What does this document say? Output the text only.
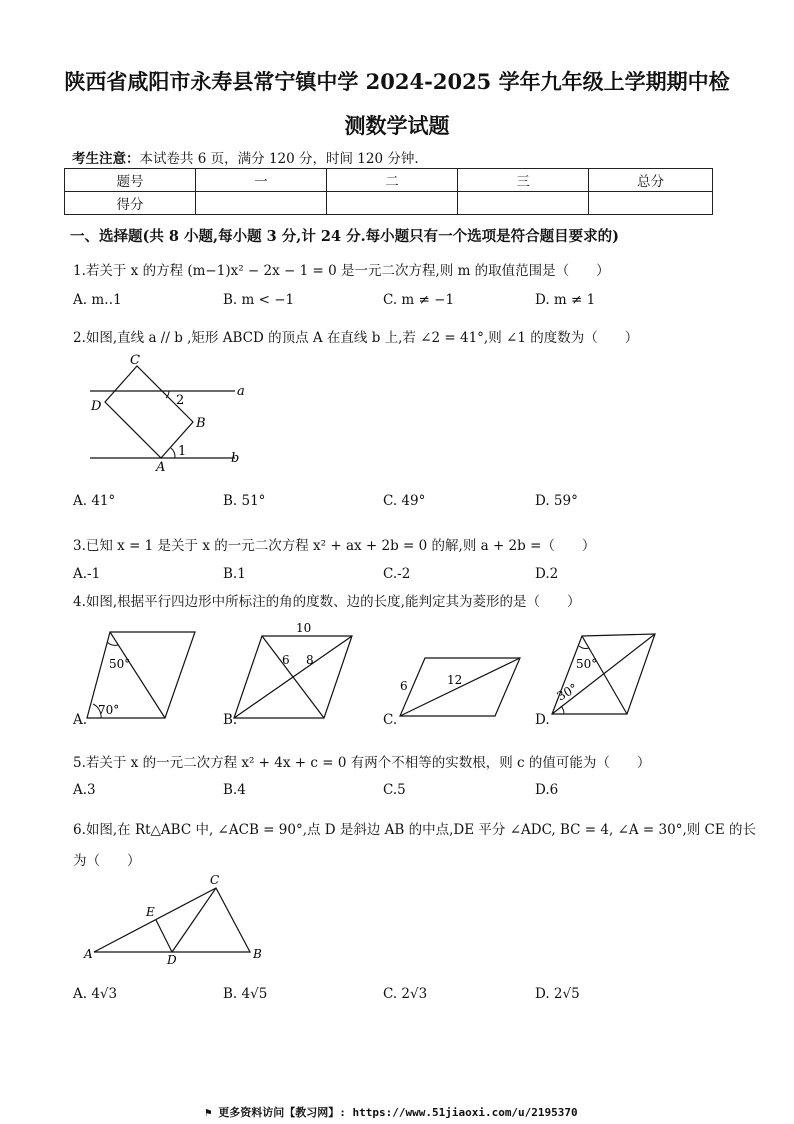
陕西省咸阳市永寿县常宁镇中学 2024-2025 学年九年级上学期期中检
测数学试题
考生注意：本试卷共 6 页，满分 120 分，时间 120 分钟.
题号	一	二	三	总分
得分				
一、选择题(共 8 小题,每小题 3 分,计 24 分.每小题只有一个选项是符合题目要求的)
1.若关于 x 的方程 (m−1)x² − 2x − 1 = 0 是一元二次方程,则 m 的取值范围是（　　）
A. m‥1	B. m < −1	C. m ≠ −1	D. m ≠ 1
2.如图,直线 a // b ,矩形 ABCD 的顶点 A 在直线 b 上,若 ∠2 = 41°,则 ∠1 的度数为（　　）
C
a
D	2
B
1
A
b
A. 41°	B. 51°	C. 49°	D. 59°
3.已知 x = 1 是关于 x 的一元二次方程 x² + ax + 2b = 0 的解,则 a + 2b =（　　）
A.-1	B.1	C.-2	D.2
4.如图,根据平行四边形中所标注的角的度数、边的长度,能判定其为菱形的是（　　）
50°
70°
10
6 8
6	12
50°
30°
A.	B.	C.	D.
5.若关于 x 的一元二次方程 x² + 4x + c = 0 有两个不相等的实数根，则 c 的值可能为（　　）
A.3	B.4	C.5	D.6
6.如图,在 Rt△ABC 中, ∠ACB = 90°,点 D 是斜边 AB 的中点,DE 平分 ∠ADC, BC = 4, ∠A = 30°,则 CE 的长
为（　　）
C
E
A	D	B
A. 4√3	B. 4√5	C. 2√3	D. 2√5
⚑ 更多资料访问【教习网】: https://www.51jiaoxi.com/u/2195370
